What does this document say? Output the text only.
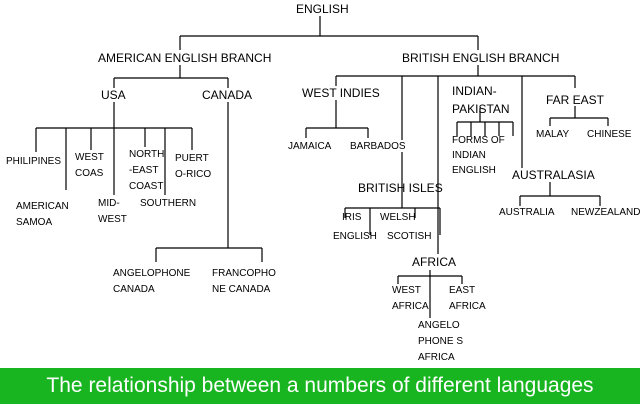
ENGLISH
AMERICAN ENGLISH BRANCH
USA	CANADA
PHILIPINES
AMERICAN
SAMOA
WEST
COAS
MID-
WEST
NORTH
-EAST
COAST
SOUTHERN
PUERT
O-RICO
ANGELOPHONE
CANADA
FRANCOPHO
NE CANADA
BRITISH ENGLISH BRANCH
WEST INDIES
JAMAICA BARBADOS
BRITISH ISLES
IRIS
ENGLISH
WELSH
SCOTISH
AFRICA
WEST
AFRICA
EAST
AFRICA
ANGELO
PHONE S
AFRICA
INDIAN-
PAKISTAN
FORMS OF
INDIAN
ENGLISH
FAR EAST
MALAY CHINESE
AUSTRALASIA
AUSTRALIA NEWZEALAND
The relationship between a numbers of different languages
